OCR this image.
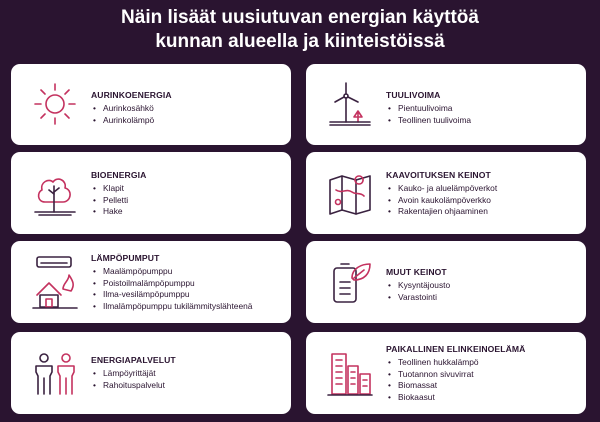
Näin lisäät uusiutuvan energian käyttöä
kunnan alueella ja kiinteistöissä
AURINKOENERGIA
• Aurinkosähkö
• Aurinkolämpö
TUULIVOIMA
• Pientuulivoima
• Teollinen tuulivoima
BIOENERGIA
• Klapit
• Pelletti
• Hake
KAAVOITUKSEN KEINOT
• Kauko- ja aluelämpöverkot
• Avoin kaukolämpöverkko
• Rakentajien ohjaaminen
LÄMPÖPUMPUT
• Maalämpöpumppu
• Poistoilmalämpöpumppu
• Ilma-vesilämpöpumppu
• Ilmalämpöpumppu tukilämmityslähteenä
MUUT KEINOT
• Kysyntäjousto
• Varastointi
ENERGIAPALVELUT
• Lämpöyrittäjät
• Rahoituspalvelut
PAIKALLINEN ELINKEINOELÄMÄ
• Teollinen hukkalämpö
• Tuotannon sivuvirrat
• Biomassat
• Biokaasut
